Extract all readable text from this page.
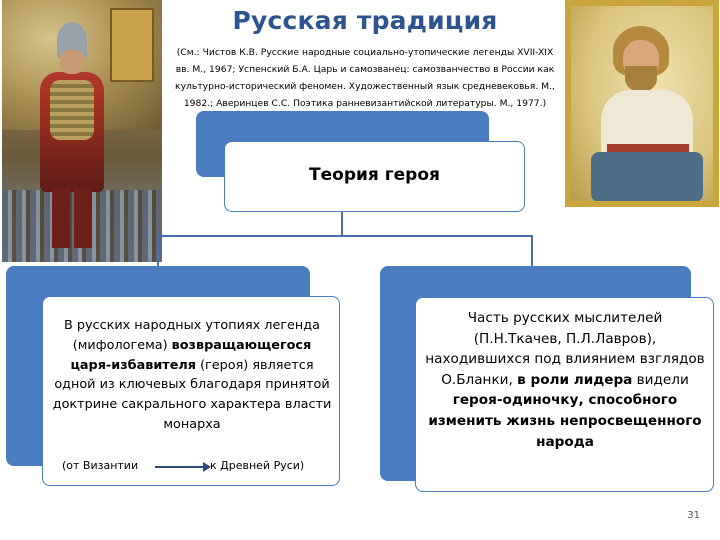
Русская традиция
(См.: Чистов К.В. Русские народные социально-утопические легенды XVII-XIX
вв. М., 1967; Успенский Б.А. Царь и самозванец: самозванчество в России как
культурно-исторический феномен. Художественный язык средневековья. М.,
1982.; Аверинцев С.С. Поэтика ранневизантийской литературы. М., 1977.)
Теория героя
В русских народных утопиях легенда (мифологема) возвращающегося царя-избавителя (героя) является одной из ключевых благодаря принятой доктрине сакрального характера власти монарха
(от Византии	к Древней Руси)
Часть русских мыслителей (П.Н.Ткачев, П.Л.Лавров), находившихся под влиянием взглядов О.Бланки, в роли лидера видели героя-одиночку, способного изменить жизнь непросвещенного народа
31
